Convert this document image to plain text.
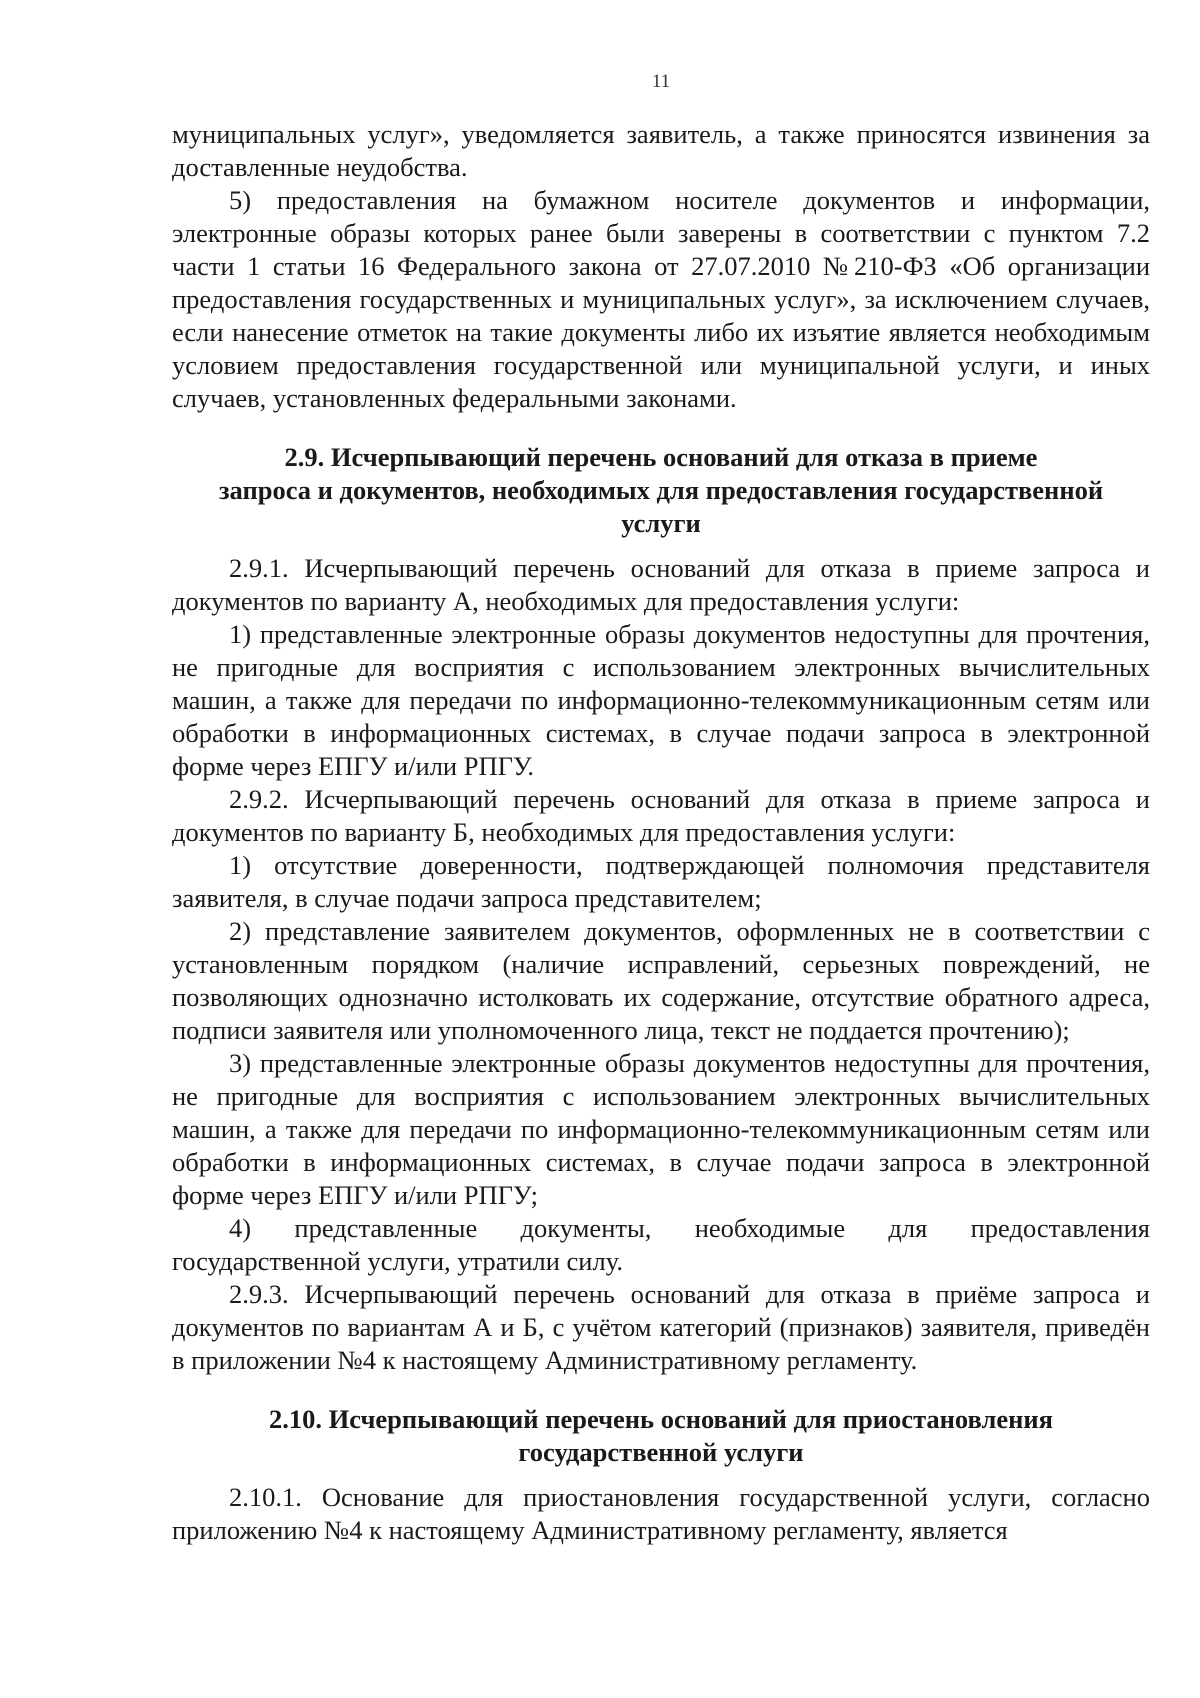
11

муниципальных услуг», уведомляется заявитель, а также приносятся извинения за доставленные неудобства.

5) предоставления на бумажном носителе документов и информации, электронные образы которых ранее были заверены в соответствии с пунктом 7.2 части 1 статьи 16 Федерального закона от 27.07.2010 №210-ФЗ «Об организации предоставления государственных и муниципальных услуг», за исключением случаев, если нанесение отметок на такие документы либо их изъятие является необходимым условием предоставления государственной или муниципальной услуги, и иных случаев, установленных федеральными законами.

2.9. Исчерпывающий перечень оснований для отказа в приеме
запроса и документов, необходимых для предоставления государственной
услуги

2.9.1. Исчерпывающий перечень оснований для отказа в приеме запроса и документов по варианту А, необходимых для предоставления услуги:

1) представленные электронные образы документов недоступны для прочтения, не пригодные для восприятия с использованием электронных вычислительных машин, а также для передачи по информационно-телекоммуникационным сетям или обработки в информационных системах, в случае подачи запроса в электронной форме через ЕПГУ и/или РПГУ.

2.9.2. Исчерпывающий перечень оснований для отказа в приеме запроса и документов по варианту Б, необходимых для предоставления услуги:

1) отсутствие доверенности, подтверждающей полномочия представителя заявителя, в случае подачи запроса представителем;

2) представление заявителем документов, оформленных не в соответствии с установленным порядком (наличие исправлений, серьезных повреждений, не позволяющих однозначно истолковать их содержание, отсутствие обратного адреса, подписи заявителя или уполномоченного лица, текст не поддается прочтению);

3) представленные электронные образы документов недоступны для прочтения, не пригодные для восприятия с использованием электронных вычислительных машин, а также для передачи по информационно-телекоммуникационным сетям или обработки в информационных системах, в случае подачи запроса в электронной форме через ЕПГУ и/или РПГУ;

4) представленные документы, необходимые для предоставления государственной услуги, утратили силу.

2.9.3. Исчерпывающий перечень оснований для отказа в приёме запроса и документов по вариантам А и Б, с учётом категорий (признаков) заявителя, приведён в приложении №4 к настоящему Административному регламенту.

2.10. Исчерпывающий перечень оснований для приостановления
государственной услуги

2.10.1. Основание для приостановления государственной услуги, согласно приложению №4 к настоящему Административному регламенту, является
